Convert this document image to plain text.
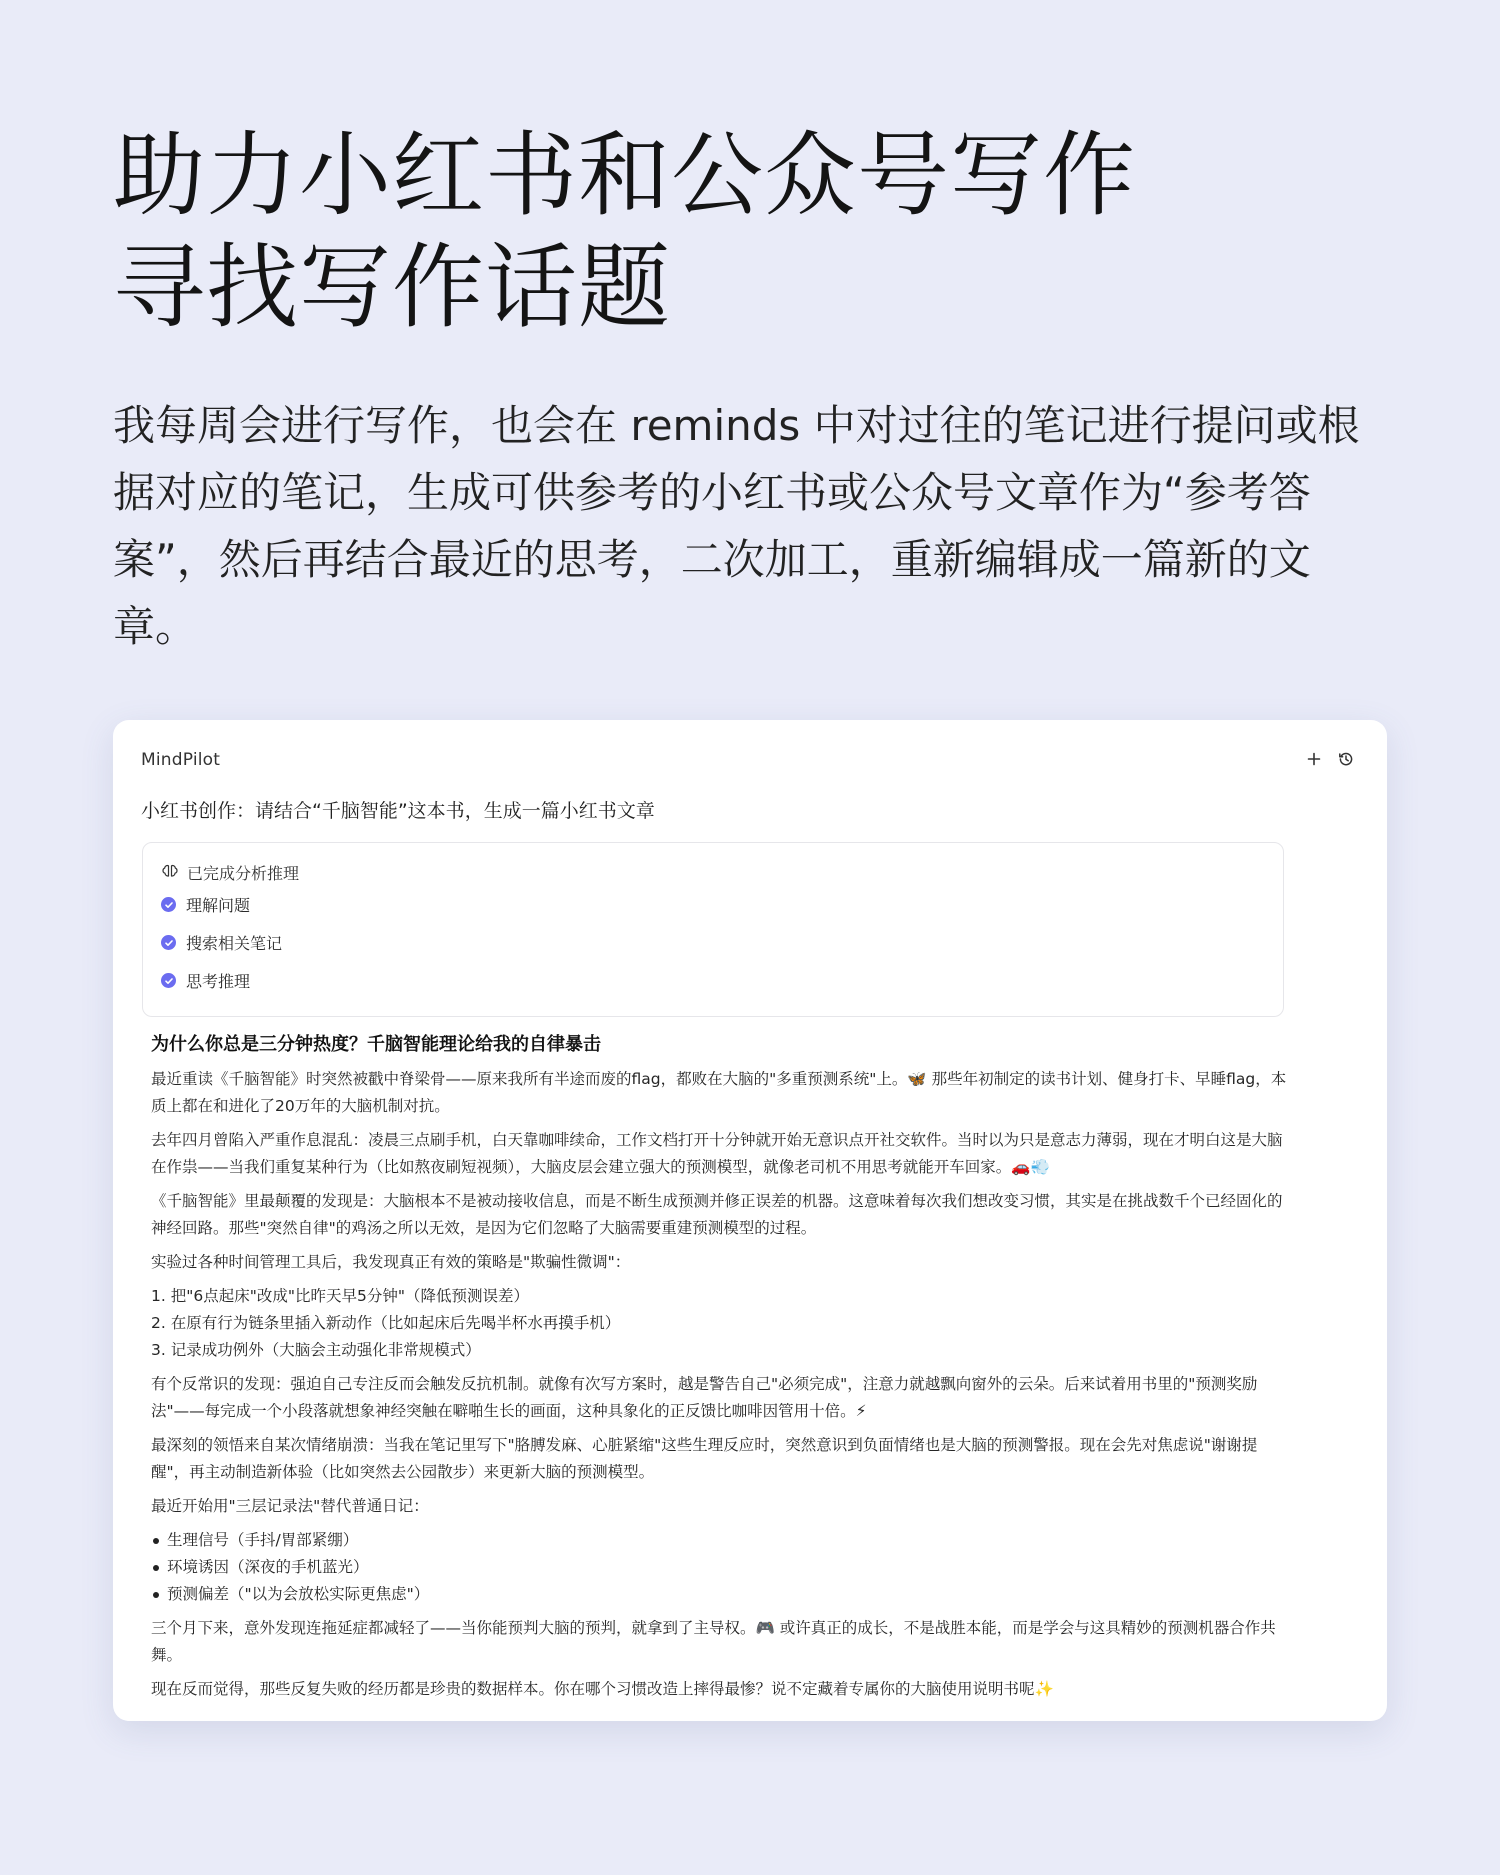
助力小红书和公众号写作
寻找写作话题

我每周会进行写作，也会在 reminds 中对过往的笔记进行提问或根据对应的笔记，生成可供参考的小红书或公众号文章作为“参考答案”，然后再结合最近的思考，二次加工，重新编辑成一篇新的文章。

MindPilot
小红书创作：请结合“千脑智能”这本书，生成一篇小红书文章
已完成分析推理
理解问题
搜索相关笔记
思考推理
为什么你总是三分钟热度？千脑智能理论给我的自律暴击

最近重读《千脑智能》时突然被戳中脊梁骨——原来我所有半途而废的flag，都败在大脑的"多重预测系统"上。🦋 那些年初制定的读书计划、健身打卡、早睡flag，本质上都在和进化了20万年的大脑机制对抗。

去年四月曾陷入严重作息混乱：凌晨三点刷手机，白天靠咖啡续命，工作文档打开十分钟就开始无意识点开社交软件。当时以为只是意志力薄弱，现在才明白这是大脑在作祟——当我们重复某种行为（比如熬夜刷短视频），大脑皮层会建立强大的预测模型，就像老司机不用思考就能开车回家。🚗💨

《千脑智能》里最颠覆的发现是：大脑根本不是被动接收信息，而是不断生成预测并修正误差的机器。这意味着每次我们想改变习惯，其实是在挑战数千个已经固化的神经回路。那些"突然自律"的鸡汤之所以无效，是因为它们忽略了大脑需要重建预测模型的过程。

实验过各种时间管理工具后，我发现真正有效的策略是"欺骗性微调"：

1. 把"6点起床"改成"比昨天早5分钟"（降低预测误差）
2. 在原有行为链条里插入新动作（比如起床后先喝半杯水再摸手机）
3. 记录成功例外（大脑会主动强化非常规模式）

有个反常识的发现：强迫自己专注反而会触发反抗机制。就像有次写方案时，越是警告自己"必须完成"，注意力就越飘向窗外的云朵。后来试着用书里的"预测奖励法"——每完成一个小段落就想象神经突触在噼啪生长的画面，这种具象化的正反馈比咖啡因管用十倍。⚡

最深刻的领悟来自某次情绪崩溃：当我在笔记里写下"胳膊发麻、心脏紧缩"这些生理反应时，突然意识到负面情绪也是大脑的预测警报。现在会先对焦虑说"谢谢提醒"，再主动制造新体验（比如突然去公园散步）来更新大脑的预测模型。

最近开始用"三层记录法"替代普通日记：

生理信号（手抖/胃部紧绷）
环境诱因（深夜的手机蓝光）
预测偏差（"以为会放松实际更焦虑"）

三个月下来，意外发现连拖延症都减轻了——当你能预判大脑的预判，就拿到了主导权。🎮 或许真正的成长，不是战胜本能，而是学会与这具精妙的预测机器合作共舞。

现在反而觉得，那些反复失败的经历都是珍贵的数据样本。你在哪个习惯改造上摔得最惨？说不定藏着专属你的大脑使用说明书呢✨
